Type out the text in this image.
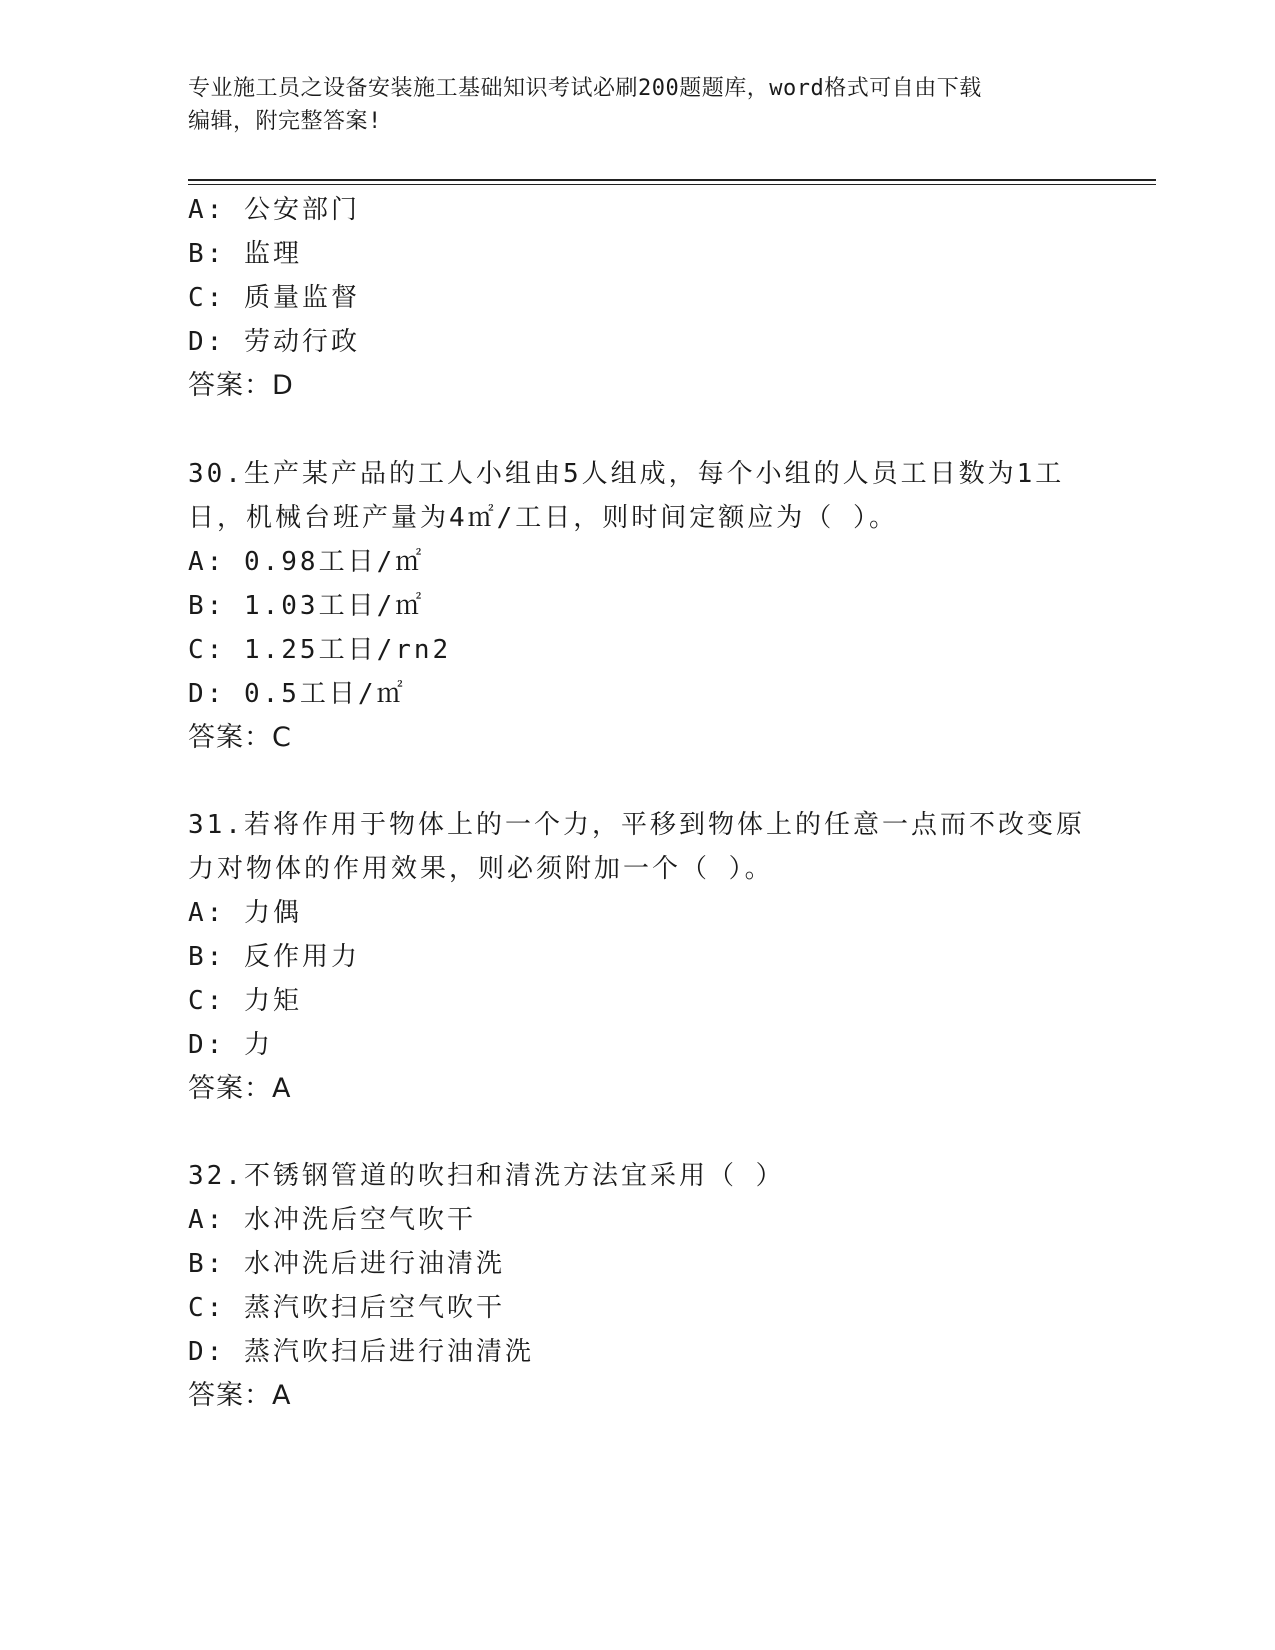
专业施工员之设备安装施工基础知识考试必刷200题题库，word格式可自由下载
编辑，附完整答案!
A: 公安部门
B: 监理
C: 质量监督
D: 劳动行政
答案：D
30.生产某产品的工人小组由5人组成，每个小组的人员工日数为1工
日，机械台班产量为4㎡/工日，则时间定额应为（ ）。
A: 0.98工日/㎡
B: 1.03工日/㎡
C: 1.25工日/rn2
D: 0.5工日/㎡
答案：C
31.若将作用于物体上的一个力，平移到物体上的任意一点而不改变原
力对物体的作用效果，则必须附加一个（ ）。
A: 力偶
B: 反作用力
C: 力矩
D: 力
答案：A
32.不锈钢管道的吹扫和清洗方法宜采用（ ）
A: 水冲洗后空气吹干
B: 水冲洗后进行油清洗
C: 蒸汽吹扫后空气吹干
D: 蒸汽吹扫后进行油清洗
答案：A
